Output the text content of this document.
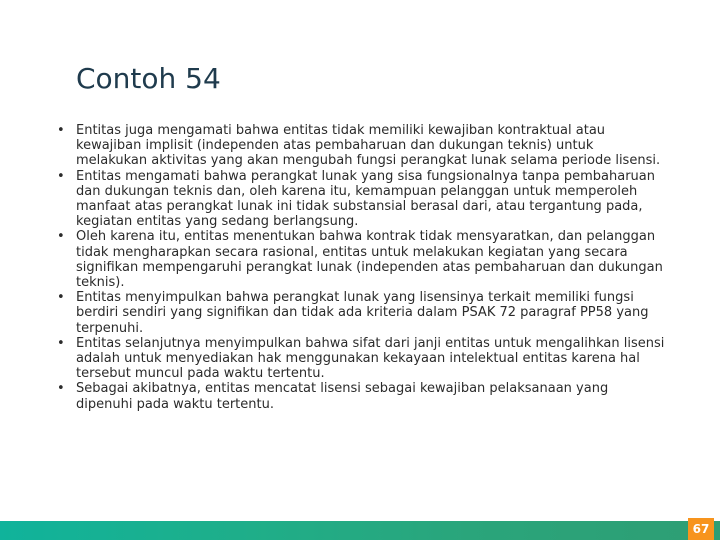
Contoh 54
• Entitas juga mengamati bahwa entitas tidak memiliki kewajiban kontraktual atau kewajiban implisit (independen atas pembaharuan dan dukungan teknis) untuk melakukan aktivitas yang akan mengubah fungsi perangkat lunak selama periode lisensi.
• Entitas mengamati bahwa perangkat lunak yang sisa fungsionalnya tanpa pembaharuan dan dukungan teknis dan, oleh karena itu, kemampuan pelanggan untuk memperoleh manfaat atas perangkat lunak ini tidak substansial berasal dari, atau tergantung pada, kegiatan entitas yang sedang berlangsung.
• Oleh karena itu, entitas menentukan bahwa kontrak tidak mensyaratkan, dan pelanggan tidak mengharapkan secara rasional, entitas untuk melakukan kegiatan yang secara signifikan mempengaruhi perangkat lunak (independen atas pembaharuan dan dukungan teknis).
• Entitas menyimpulkan bahwa perangkat lunak yang lisensinya terkait memiliki fungsi berdiri sendiri yang signifikan dan tidak ada kriteria dalam PSAK 72 paragraf PP58 yang terpenuhi.
• Entitas selanjutnya menyimpulkan bahwa sifat dari janji entitas untuk mengalihkan lisensi adalah untuk menyediakan hak menggunakan kekayaan intelektual entitas karena hal tersebut muncul pada waktu tertentu.
• Sebagai akibatnya, entitas mencatat lisensi sebagai kewajiban pelaksanaan yang dipenuhi pada waktu tertentu.
67
